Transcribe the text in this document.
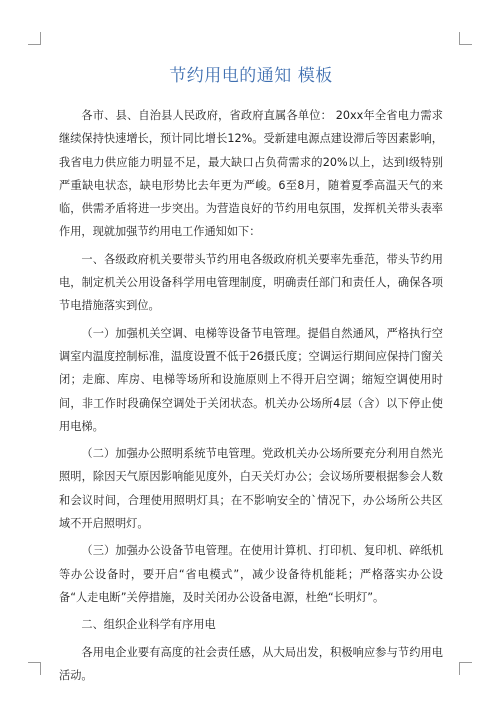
节约用电的通知 模板

各市、县、自治县人民政府，省政府直属各单位： 20xx年全省电力需求继续保持快速增长，预计同比增长12%。受新建电源点建设滞后等因素影响，我省电力供应能力明显不足，最大缺口占负荷需求的20%以上，达到Ⅰ级特别严重缺电状态，缺电形势比去年更为严峻。6至8月，随着夏季高温天气的来临，供需矛盾将进一步突出。为营造良好的节约用电氛围，发挥机关带头表率作用，现就加强节约用电工作通知如下：

一、各级政府机关要带头节约用电各级政府机关要率先垂范，带头节约用电，制定机关公用设备科学用电管理制度，明确责任部门和责任人，确保各项节电措施落实到位。

（一）加强机关空调、电梯等设备节电管理。提倡自然通风，严格执行空调室内温度控制标准，温度设置不低于26摄氏度；空调运行期间应保持门窗关闭；走廊、库房、电梯等场所和设施原则上不得开启空调；缩短空调使用时间，非工作时段确保空调处于关闭状态。机关办公场所4层（含）以下停止使用电梯。

（二）加强办公照明系统节电管理。党政机关办公场所要充分利用自然光照明，除因天气原因影响能见度外，白天关灯办公；会议场所要根据参会人数和会议时间，合理使用照明灯具；在不影响安全的`情况下，办公场所公共区域不开启照明灯。

（三）加强办公设备节电管理。在使用计算机、打印机、复印机、碎纸机等办公设备时，要开启“省电模式”，减少设备待机能耗；严格落实办公设备“人走电断”关停措施，及时关闭办公设备电源，杜绝“长明灯”。

二、组织企业科学有序用电

各用电企业要有高度的社会责任感，从大局出发，积极响应参与节约用电活动。
